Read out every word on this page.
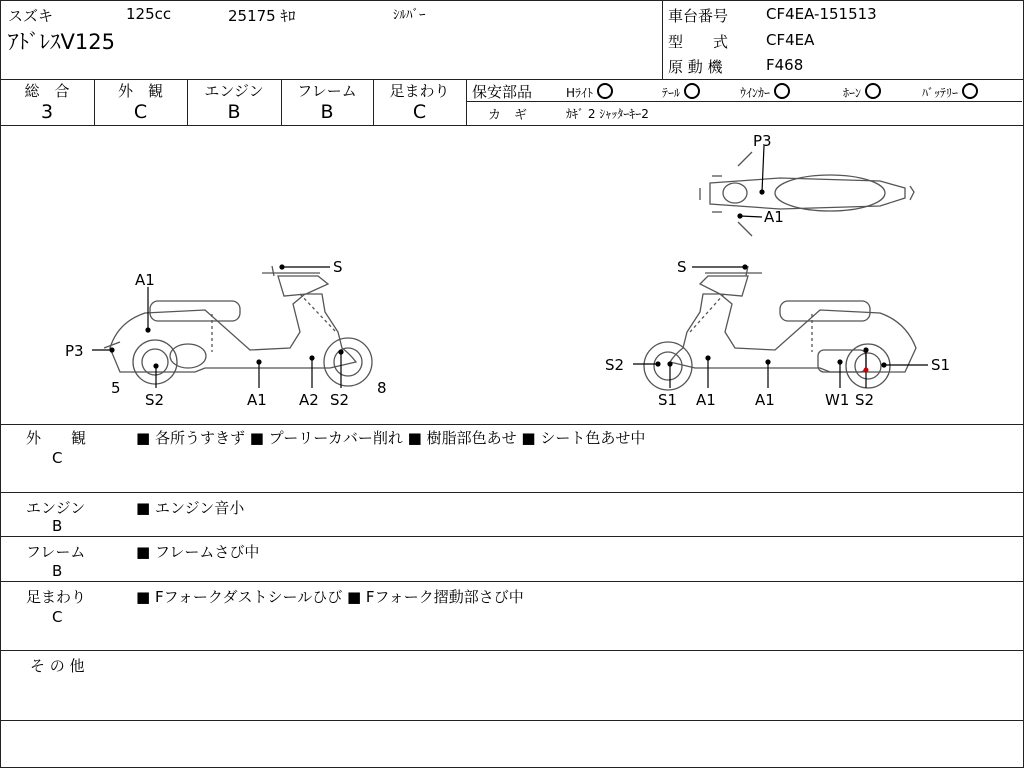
スズキ	125cc	25175 ｷﾛ	ｼﾙﾊﾞｰ
ｱﾄﾞﾚｽV125
車台番号	CF4EA-151513
型　　式	CF4EA
原 動 機	F468
総　合
3
外　観
C
エンジン
B
フレーム
B
足まわり
C
保安部品	Hﾗｲﾄ	ﾃｰﾙ	ｳｲﾝｶｰ	ﾎｰﾝ	ﾊﾞｯﾃﾘｰ
カ　ギ	ｶｷﾞ 2 ｼｬｯﾀｰｷｰ2
A1
P3
5
S2	A1 A2 S2
8
S	S
S2
S1 A1	A1	W1 S2
S1
P3
A1
外　　観
C
■ 各所うすきず ■ プーリーカバー削れ ■ 樹脂部色あせ ■ シート色あせ中
エンジン
B
■ エンジン音小
フレーム
B
■ フレームさび中
足まわり
C
■ Fフォークダストシールひび ■ Fフォーク摺動部さび中
そ の 他
